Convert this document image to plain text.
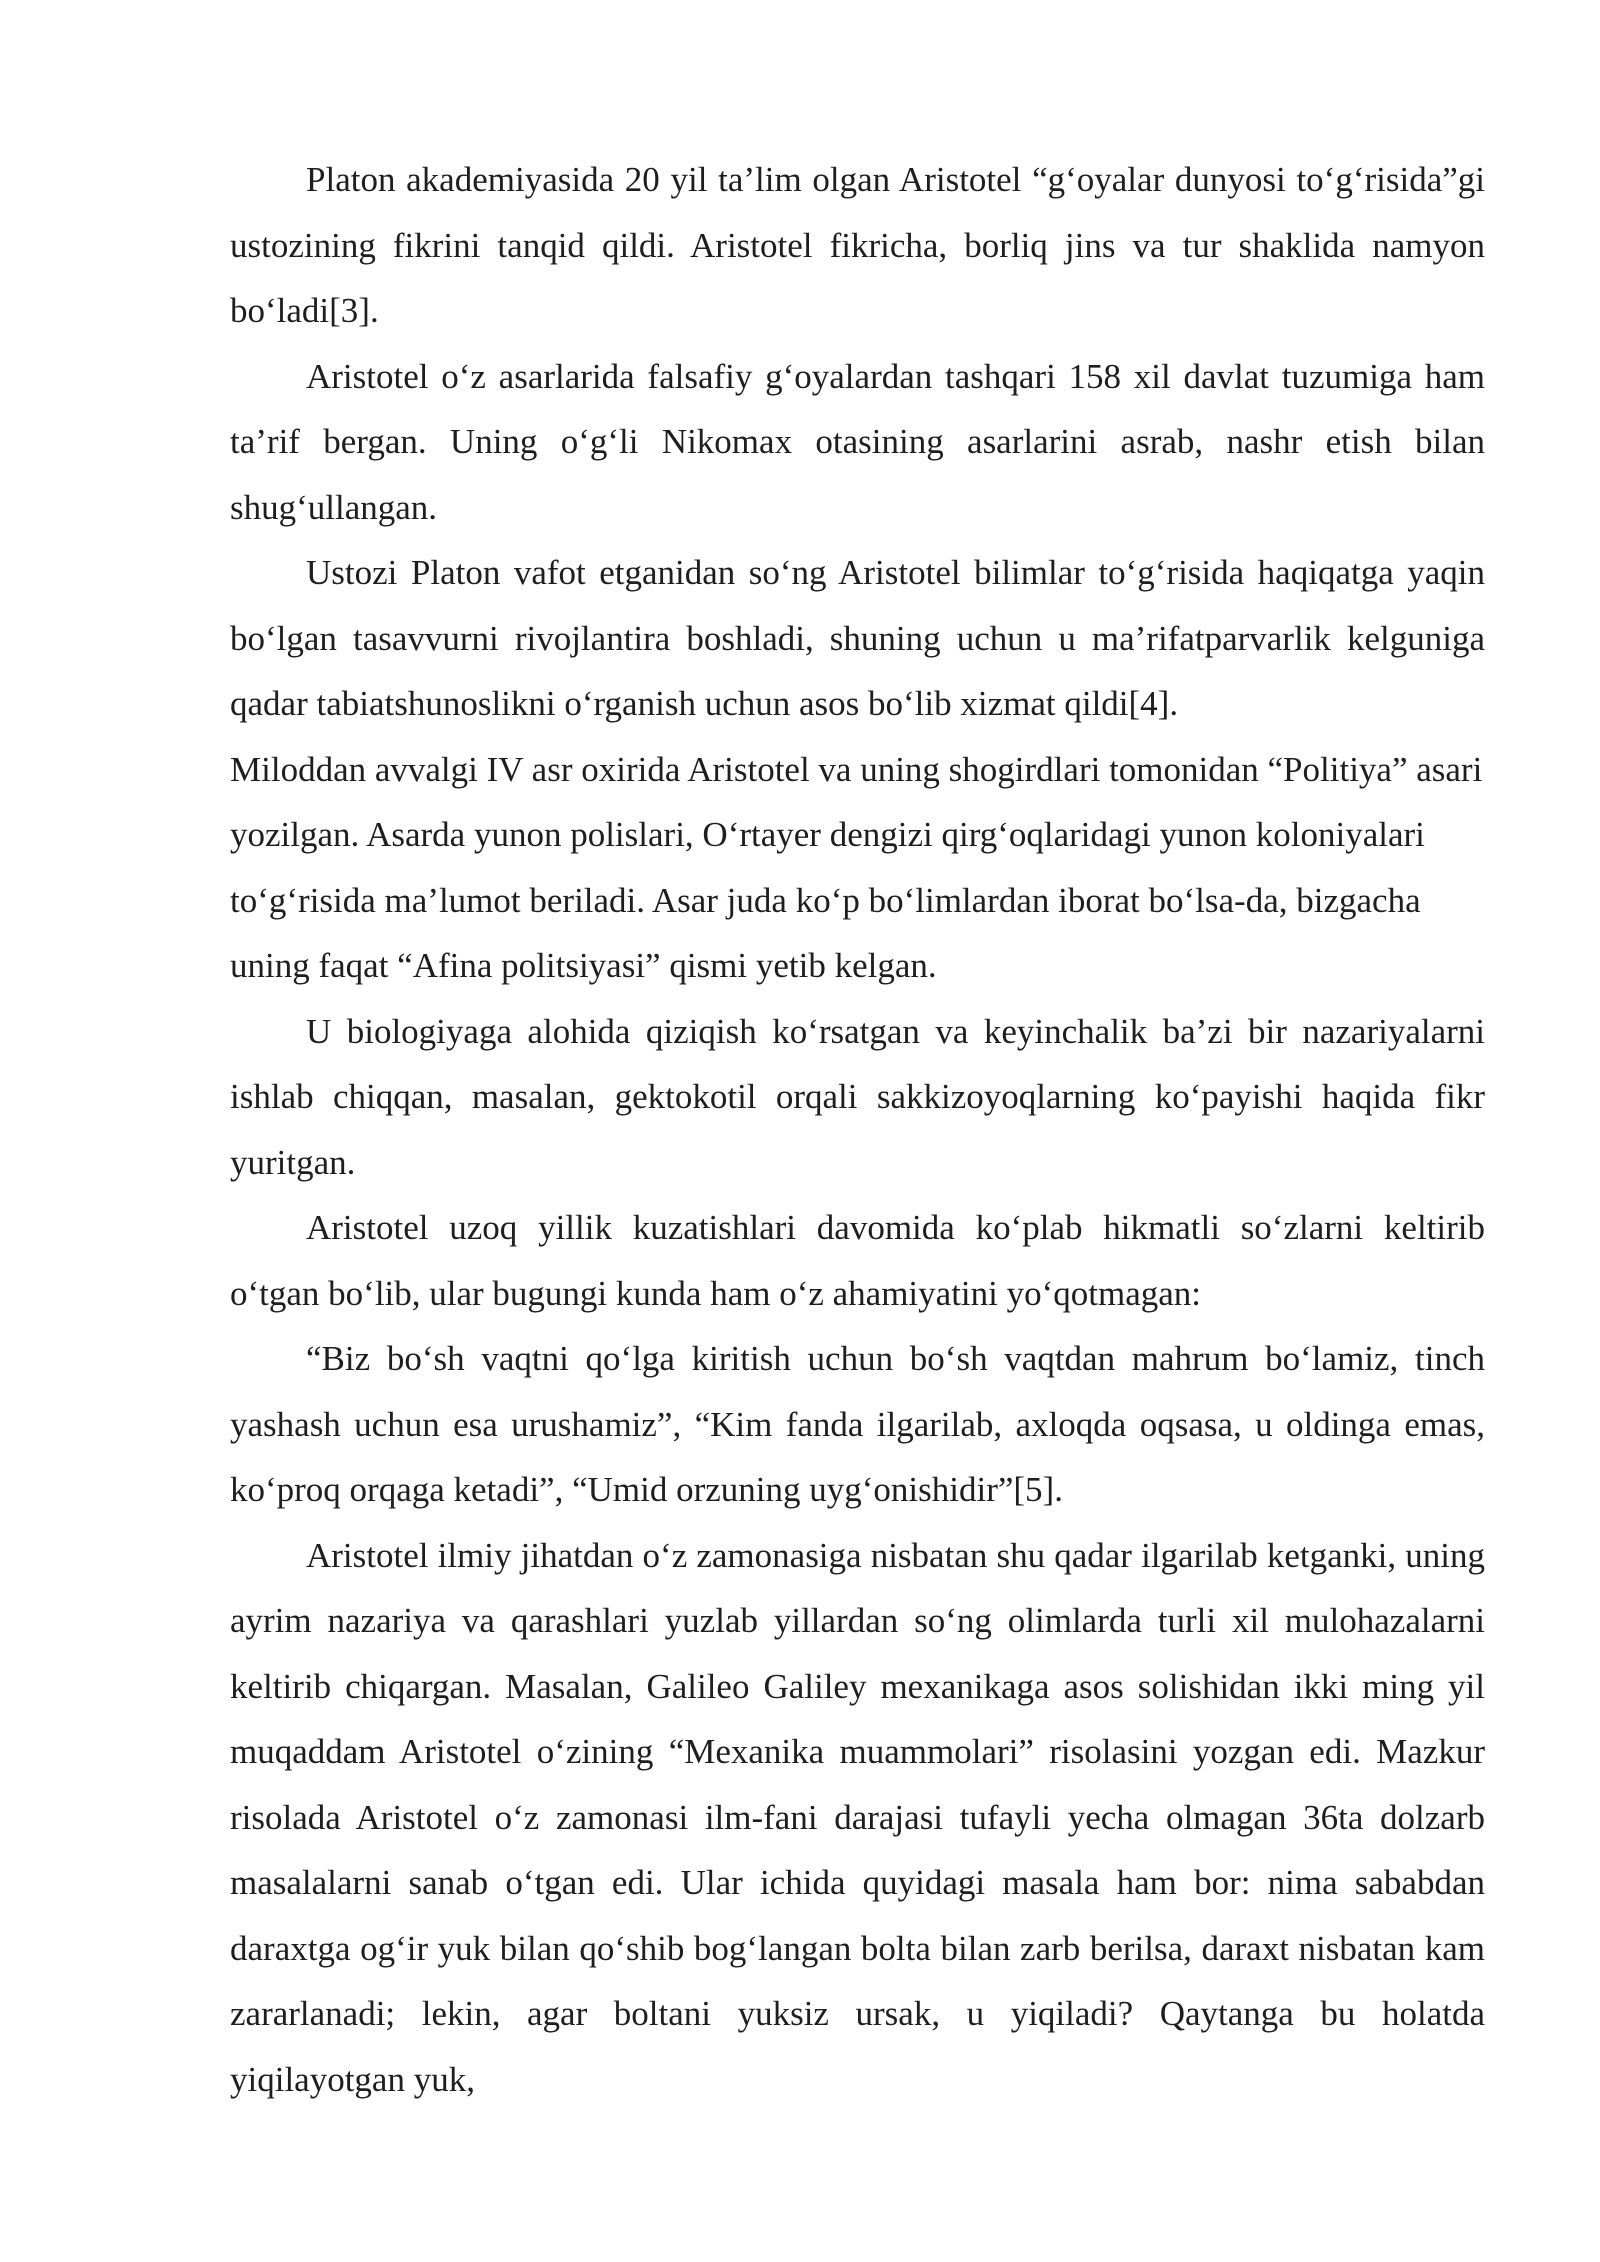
Platon akademiyasida 20 yil ta’lim olgan Aristotel “g‘oyalar dunyosi to‘g‘risida”gi ustozining fikrini tanqid qildi. Aristotel fikricha, borliq jins va tur shaklida namyon bo‘ladi[3].

Aristotel o‘z asarlarida falsafiy g‘oyalardan tashqari 158 xil davlat tuzumiga ham ta’rif bergan. Uning o‘g‘li Nikomax otasining asarlarini asrab, nashr etish bilan shug‘ullangan.

Ustozi Platon vafot etganidan so‘ng Aristotel bilimlar to‘g‘risida haqiqatga yaqin bo‘lgan tasavvurni rivojlantira boshladi, shuning uchun u ma’rifatparvarlik kelguniga qadar tabiatshunoslikni o‘rganish uchun asos bo‘lib xizmat qildi[4].

Miloddan avvalgi IV asr oxirida Aristotel va uning shogirdlari tomonidan “Politiya” asari yozilgan. Asarda yunon polislari, O‘rtayer dengizi qirg‘oqlaridagi yunon koloniyalari to‘g‘risida ma’lumot beriladi. Asar juda ko‘p bo‘limlardan iborat bo‘lsa-da, bizgacha uning faqat “Afina politsiyasi” qismi yetib kelgan.

U biologiyaga alohida qiziqish ko‘rsatgan va keyinchalik ba’zi bir nazariyalarni ishlab chiqqan, masalan, gektokotil orqali sakkizoyoqlarning ko‘payishi haqida fikr yuritgan.

Aristotel uzoq yillik kuzatishlari davomida ko‘plab hikmatli so‘zlarni keltirib o‘tgan bo‘lib, ular bugungi kunda ham o‘z ahamiyatini yo‘qotmagan:

“Biz bo‘sh vaqtni qo‘lga kiritish uchun bo‘sh vaqtdan mahrum bo‘lamiz, tinch yashash uchun esa urushamiz”, “Kim fanda ilgarilab, axloqda oqsasa, u oldinga emas, ko‘proq orqaga ketadi”, “Umid orzuning uyg‘onishidir”[5].

Aristotel ilmiy jihatdan o‘z zamonasiga nisbatan shu qadar ilgarilab ketganki, uning ayrim nazariya va qarashlari yuzlab yillardan so‘ng olimlarda turli xil mulohazalarni keltirib chiqargan. Masalan, Galileo Galiley mexanikaga asos solishidan ikki ming yil muqaddam Aristotel o‘zining “Mexanika muammolari” risolasini yozgan edi. Mazkur risolada Aristotel o‘z zamonasi ilm-fani darajasi tufayli yecha olmagan 36ta dolzarb masalalarni sanab o‘tgan edi. Ular ichida quyidagi masala ham bor: nima sababdan daraxtga og‘ir yuk bilan qo‘shib bog‘langan bolta bilan zarb berilsa, daraxt nisbatan kam zararlanadi; lekin, agar boltani yuksiz ursak, u yiqiladi? Qaytanga bu holatda yiqilayotgan yuk,
